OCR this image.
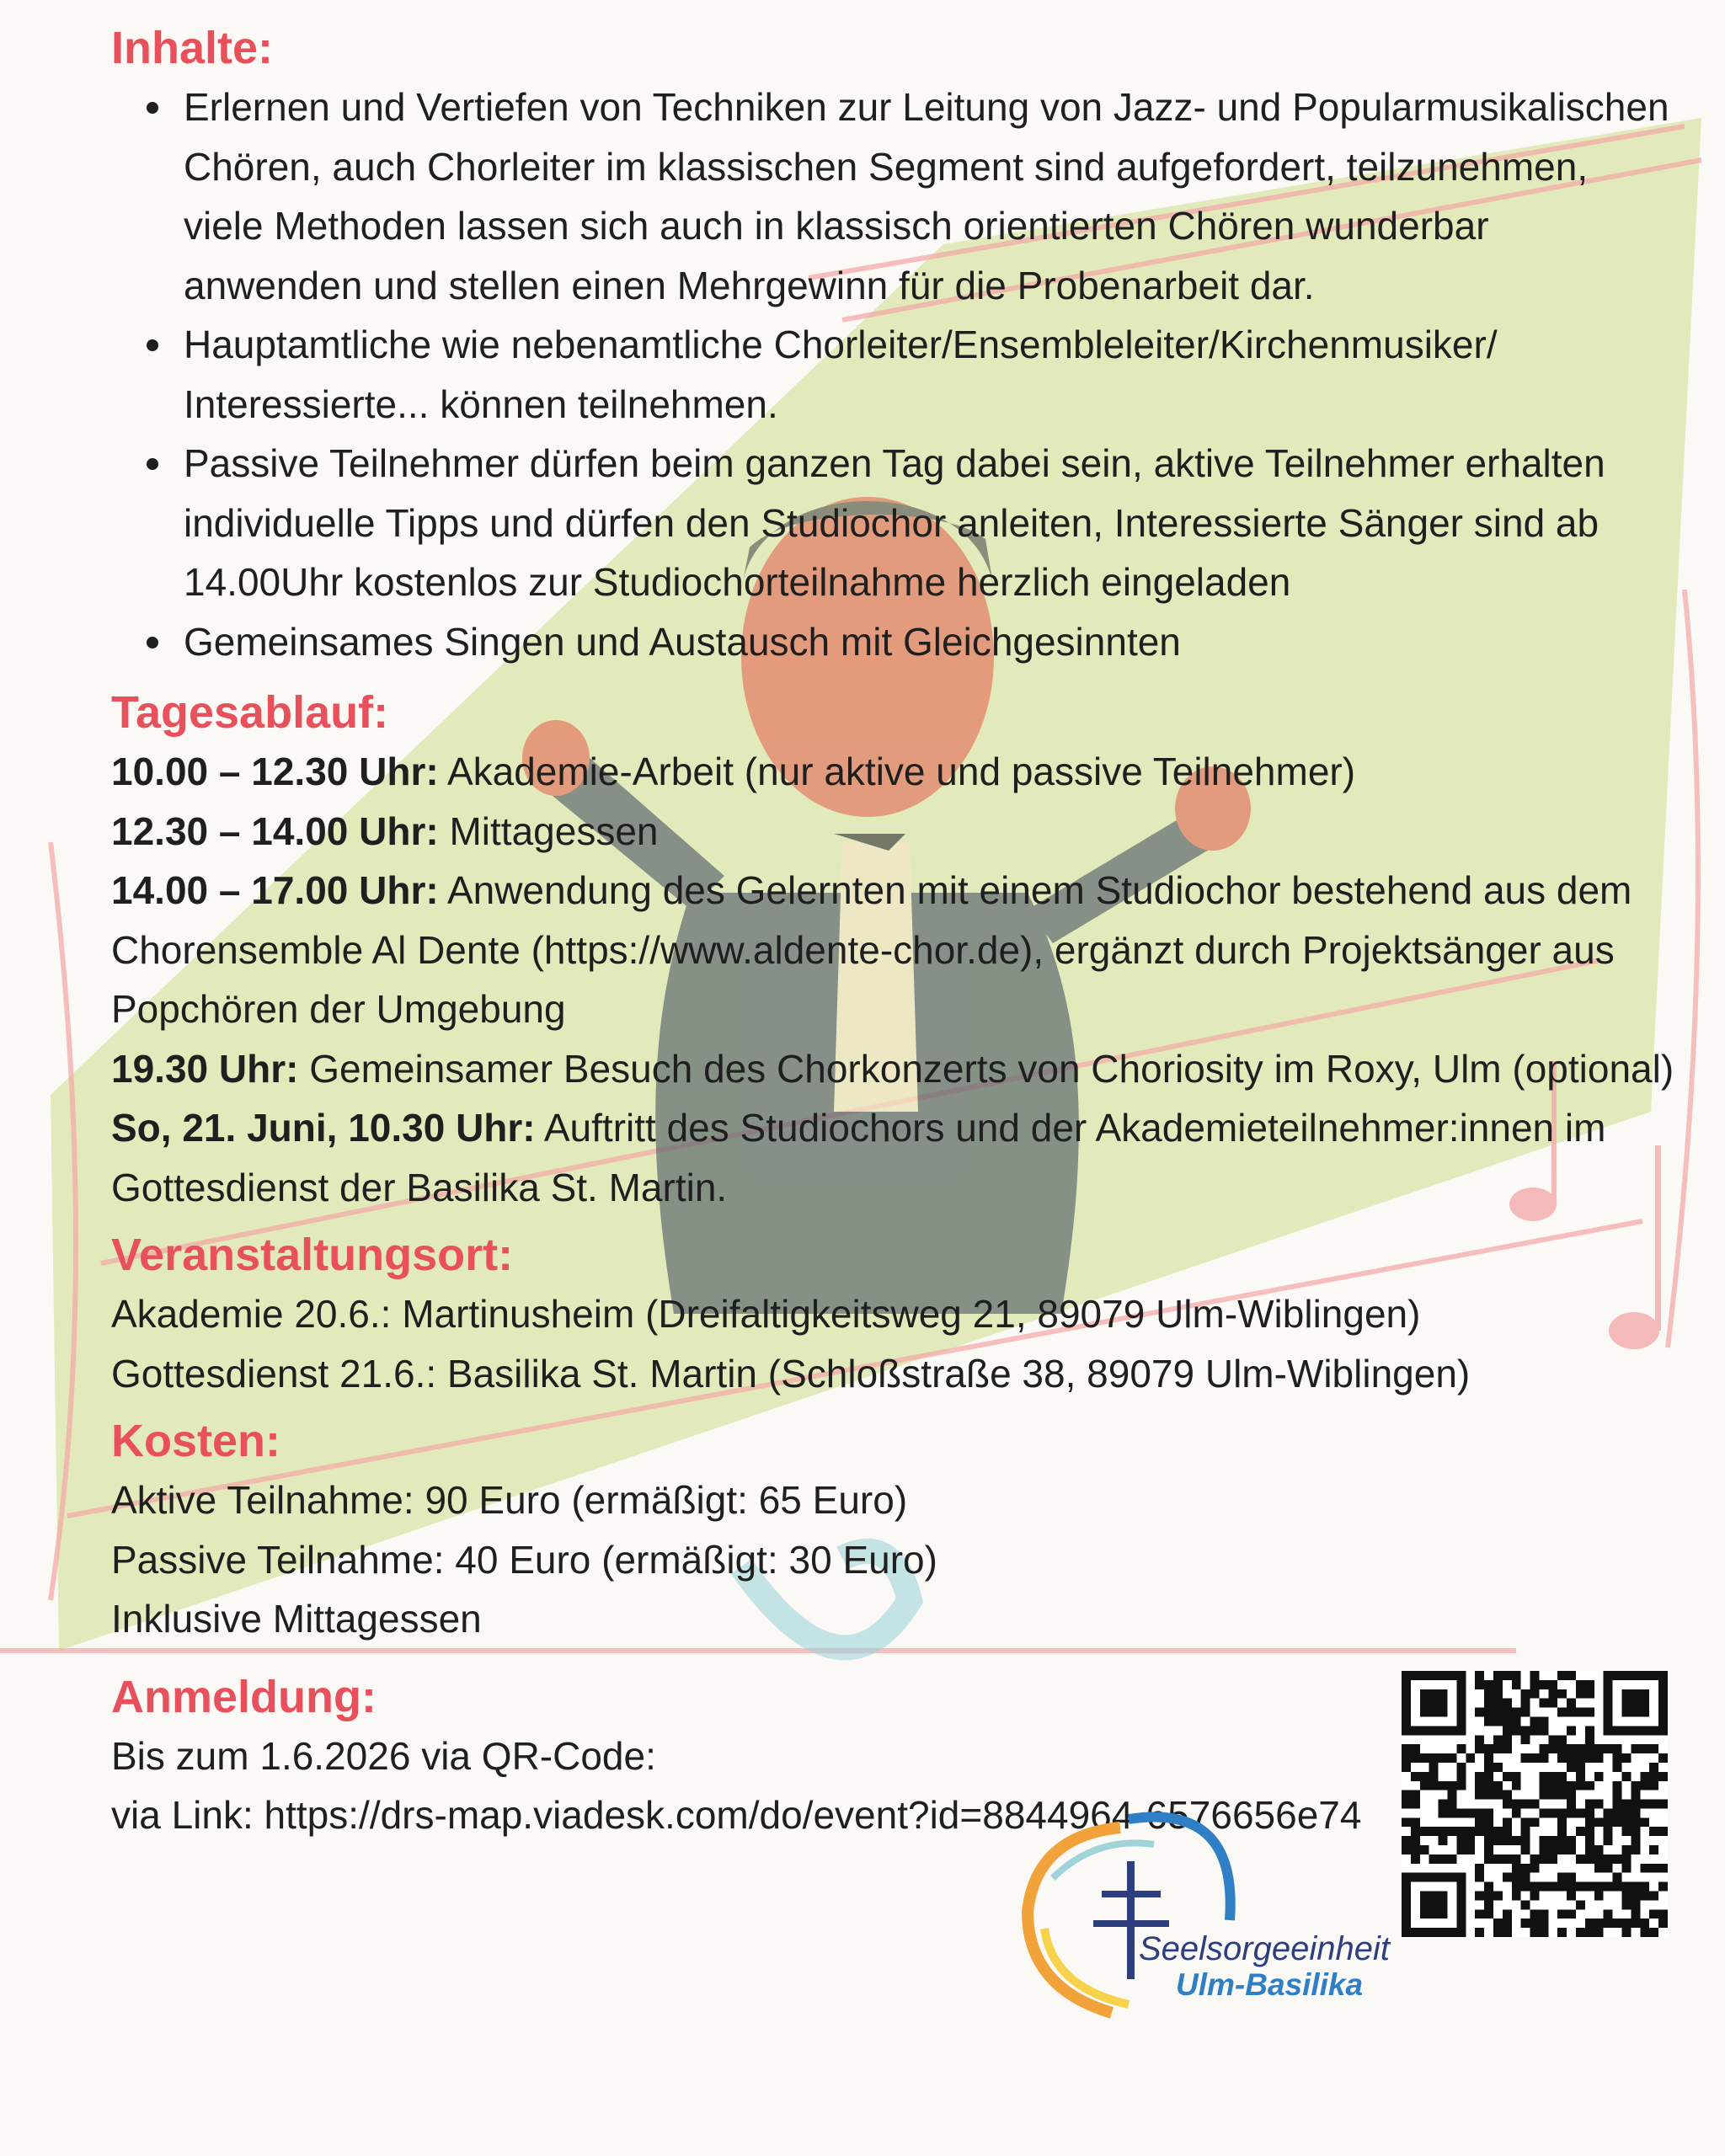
Inhalte:
Erlernen und Vertiefen von Techniken zur Leitung von Jazz- und Popularmusikalischen Chören, auch Chorleiter im klassischen Segment sind aufgefordert, teilzunehmen, viele Methoden lassen sich auch in klassisch orientierten Chören wunderbar anwenden und stellen einen Mehrgewinn für die Probenarbeit dar.
Hauptamtliche wie nebenamtliche Chorleiter/Ensembleleiter/Kirchenmusiker/ Interessierte... können teilnehmen.
Passive Teilnehmer dürfen beim ganzen Tag dabei sein, aktive Teilnehmer erhalten individuelle Tipps und dürfen den Studiochor anleiten, Interessierte Sänger sind ab 14.00Uhr kostenlos zur Studiochorteilnahme herzlich eingeladen
Gemeinsames Singen und Austausch mit Gleichgesinnten
Tagesablauf:

10.00 – 12.30 Uhr: Akademie-Arbeit (nur aktive und passive Teilnehmer)

12.30 – 14.00 Uhr: Mittagessen

14.00 – 17.00 Uhr: Anwendung des Gelernten mit einem Studiochor bestehend aus dem Chorensemble Al Dente (https://www.aldente-chor.de), ergänzt durch Projektsänger aus Popchören der Umgebung

19.30 Uhr: Gemeinsamer Besuch des Chorkonzerts von Choriosity im Roxy, Ulm (optional)

So, 21. Juni, 10.30 Uhr: Auftritt des Studiochors und der Akademieteilnehmer:innen im Gottesdienst der Basilika St. Martin.

Veranstaltungsort:

Akademie 20.6.: Martinusheim (Dreifaltigkeitsweg 21, 89079 Ulm-Wiblingen)

Gottesdienst 21.6.: Basilika St. Martin (Schloßstraße 38, 89079 Ulm-Wiblingen)

Kosten:

Aktive Teilnahme: 90 Euro (ermäßigt: 65 Euro)

Passive Teilnahme: 40 Euro (ermäßigt: 30 Euro)

Inklusive Mittagessen

Anmeldung:

Bis zum 1.6.2026 via QR-Code:

via Link: https://drs-map.viadesk.com/do/event?id=8844964-6576656e74

Seelsorgeeinheit
Ulm-Basilika
